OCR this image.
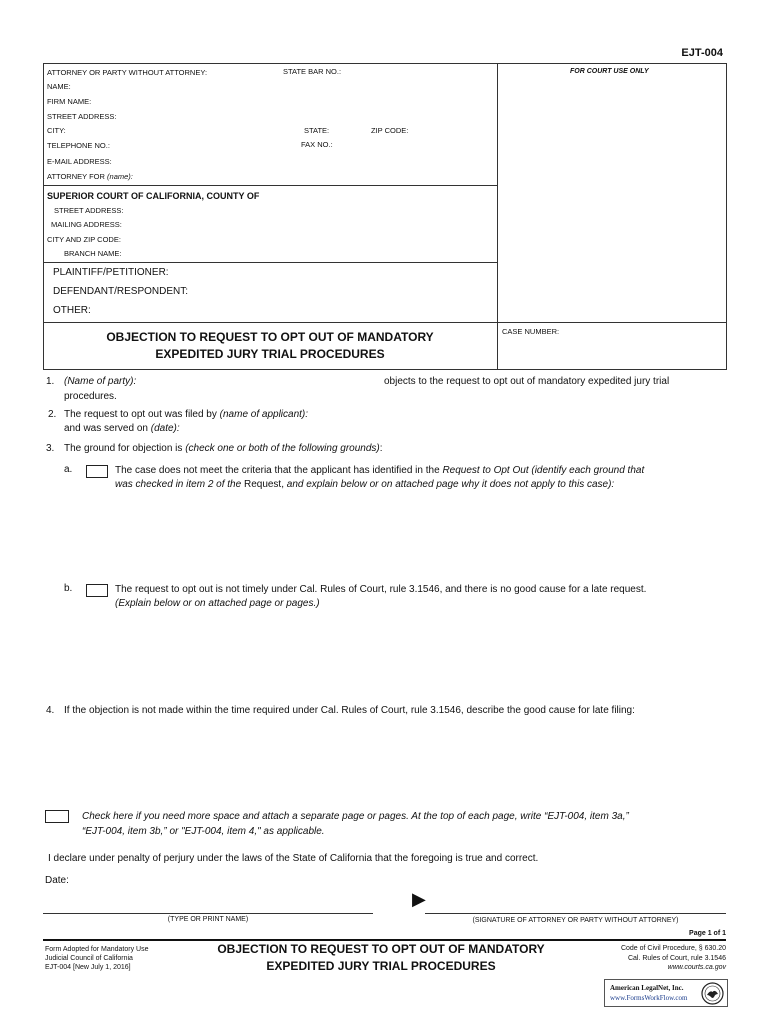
EJT-004
ATTORNEY OR PARTY WITHOUT ATTORNEY:	STATE BAR NO.:	FOR COURT USE ONLY
NAME:
FIRM NAME:
STREET ADDRESS:
CITY:	STATE:	ZIP CODE:
TELEPHONE NO.:	FAX NO.:
E-MAIL ADDRESS:
ATTORNEY FOR (name):
SUPERIOR COURT OF CALIFORNIA, COUNTY OF
STREET ADDRESS:
MAILING ADDRESS:
CITY AND ZIP CODE:
BRANCH NAME:
PLAINTIFF/PETITIONER:
DEFENDANT/RESPONDENT:
OTHER:
OBJECTION TO REQUEST TO OPT OUT OF MANDATORY
EXPEDITED JURY TRIAL PROCEDURES
CASE NUMBER:
1. (Name of party):	objects to the request to opt out of mandatory expedited jury trial
procedures.
2. The request to opt out was filed by (name of applicant):
and was served on (date):
3. The ground for objection is (check one or both of the following grounds):
a.	The case does not meet the criteria that the applicant has identified in the Request to Opt Out (identify each ground that
was checked in item 2 of the Request, and explain below or on attached page why it does not apply to this case):
b.	The request to opt out is not timely under Cal. Rules of Court, rule 3.1546, and there is no good cause for a late request.
(Explain below or on attached page or pages.)
4. If the objection is not made within the time required under Cal. Rules of Court, rule 3.1546, describe the good cause for late filing:
Check here if you need more space and attach a separate page or pages. At the top of each page, write “EJT-004, item 3a,”
“EJT-004, item 3b,” or "EJT-004, item 4," as applicable.
I declare under penalty of perjury under the laws of the State of California that the foregoing is true and correct.
Date:
▶
(TYPE OR PRINT NAME)	(SIGNATURE OF ATTORNEY OR PARTY WITHOUT ATTORNEY)
Page 1 of 1
Form Adopted for Mandatory Use
Judicial Council of California
EJT-004 [New July 1, 2016]
OBJECTION TO REQUEST TO OPT OUT OF MANDATORY
EXPEDITED JURY TRIAL PROCEDURES
Code of Civil Procedure, § 630.20
Cal. Rules of Court, rule 3.1546
www.courts.ca.gov
American LegalNet, Inc.
www.FormsWorkFlow.com
